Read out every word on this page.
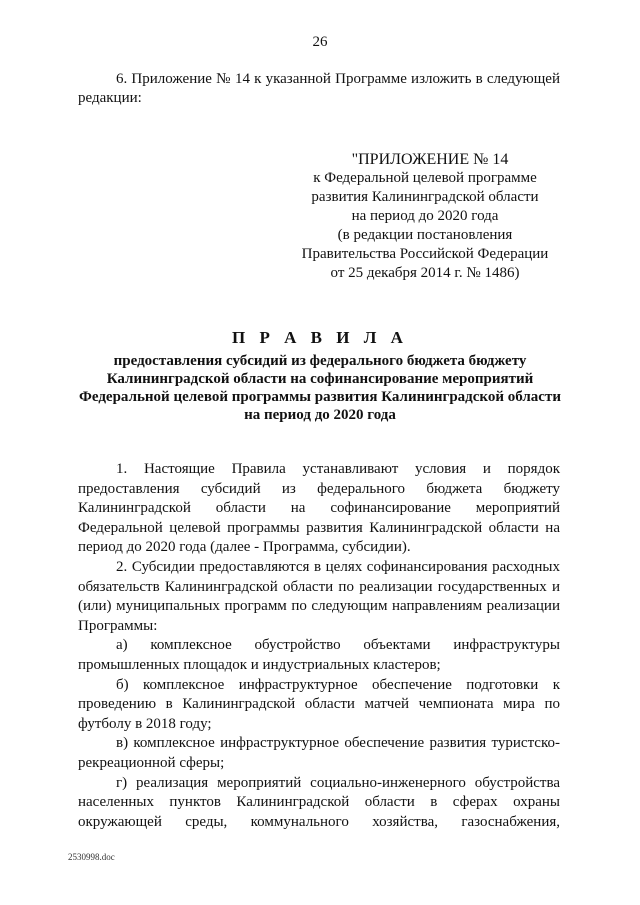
26
6. Приложение № 14 к указанной Программе изложить в следующей редакции:
"ПРИЛОЖЕНИЕ № 14
к Федеральной целевой программе
развития Калининградской области
на период до 2020 года
(в редакции постановления
Правительства Российской Федерации
от 25 декабря 2014 г. № 1486)
П Р А В И Л А
предоставления субсидий из федерального бюджета бюджету
Калининградской области на софинансирование мероприятий
Федеральной целевой программы развития Калининградской области
на период до 2020 года

1. Настоящие Правила устанавливают условия и порядок предоставления субсидий из федерального бюджета бюджету Калининградской области на софинансирование мероприятий Федеральной целевой программы развития Калининградской области на период до 2020 года (далее - Программа, субсидии).

2. Субсидии предоставляются в целях софинансирования расходных обязательств Калининградской области по реализации государственных и (или) муниципальных программ по следующим направлениям реализации Программы:

а) комплексное обустройство объектами инфраструктуры промышленных площадок и индустриальных кластеров;

б) комплексное инфраструктурное обеспечение подготовки к проведению в Калининградской области матчей чемпионата мира по футболу в 2018 году;

в) комплексное инфраструктурное обеспечение развития туристско-рекреационной сферы;

г) реализация мероприятий социально-инженерного обустройства населенных пунктов Калининградской области в сферах охраны окружающей среды, коммунального хозяйства, газоснабжения,

2530998.doc
